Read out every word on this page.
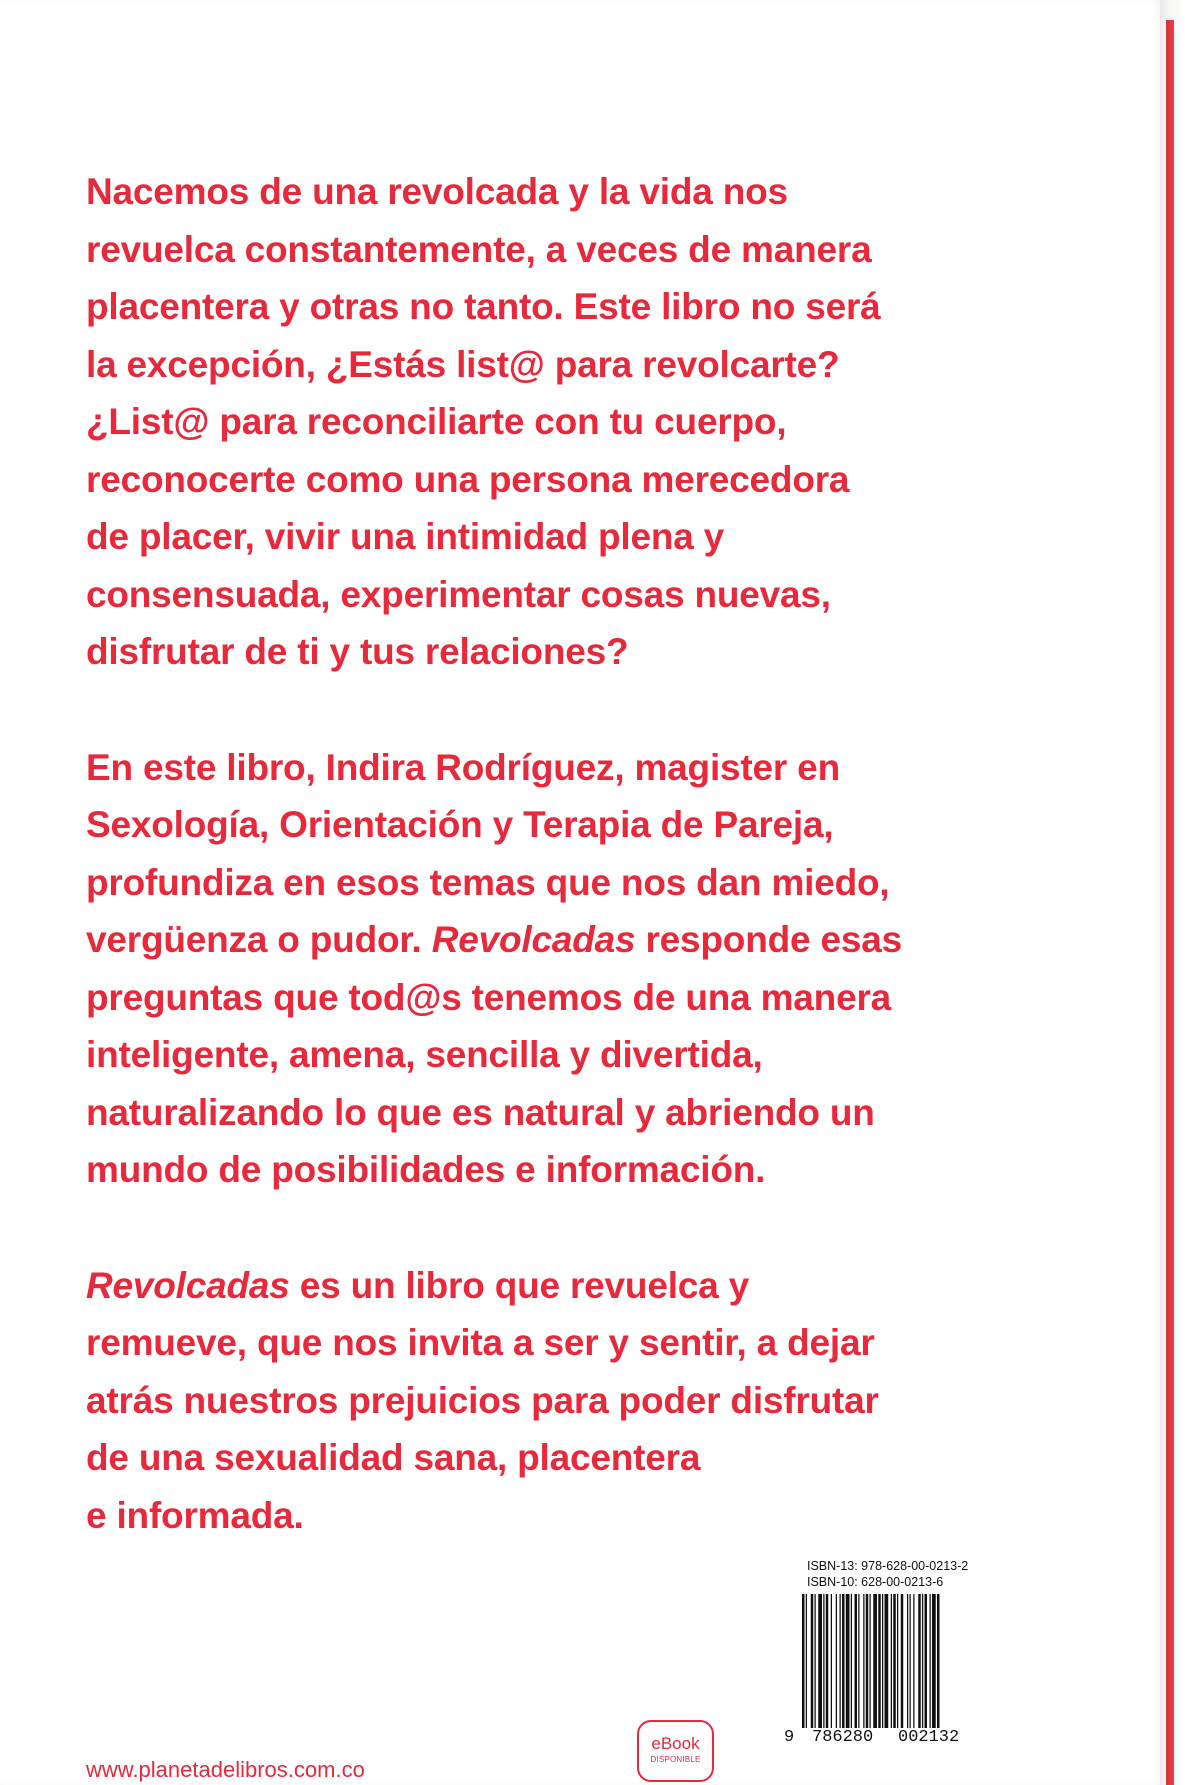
Nacemos de una revolcada y la vida nos
revuelca constantemente, a veces de manera
placentera y otras no tanto. Este libro no será
la excepción, ¿Estás list@ para revolcarte?
¿List@ para reconciliarte con tu cuerpo,
reconocerte como una persona merecedora
de placer, vivir una intimidad plena y
consensuada, experimentar cosas nuevas,
disfrutar de ti y tus relaciones?

En este libro, Indira Rodríguez, magister en
Sexología, Orientación y Terapia de Pareja,
profundiza en esos temas que nos dan miedo,
vergüenza o pudor. Revolcadas responde esas
preguntas que tod@s tenemos de una manera
inteligente, amena, sencilla y divertida,
naturalizando lo que es natural y abriendo un
mundo de posibilidades e información.

Revolcadas es un libro que revuelca y
remueve, que nos invita a ser y sentir, a dejar
atrás nuestros prejuicios para poder disfrutar
de una sexualidad sana, placentera
e informada.

ISBN-13: 978-628-00-0213-2
ISBN-10: 628-00-0213-6
9 786280 002132
eBook
DISPONIBLE
www.planetadelibros.com.co
